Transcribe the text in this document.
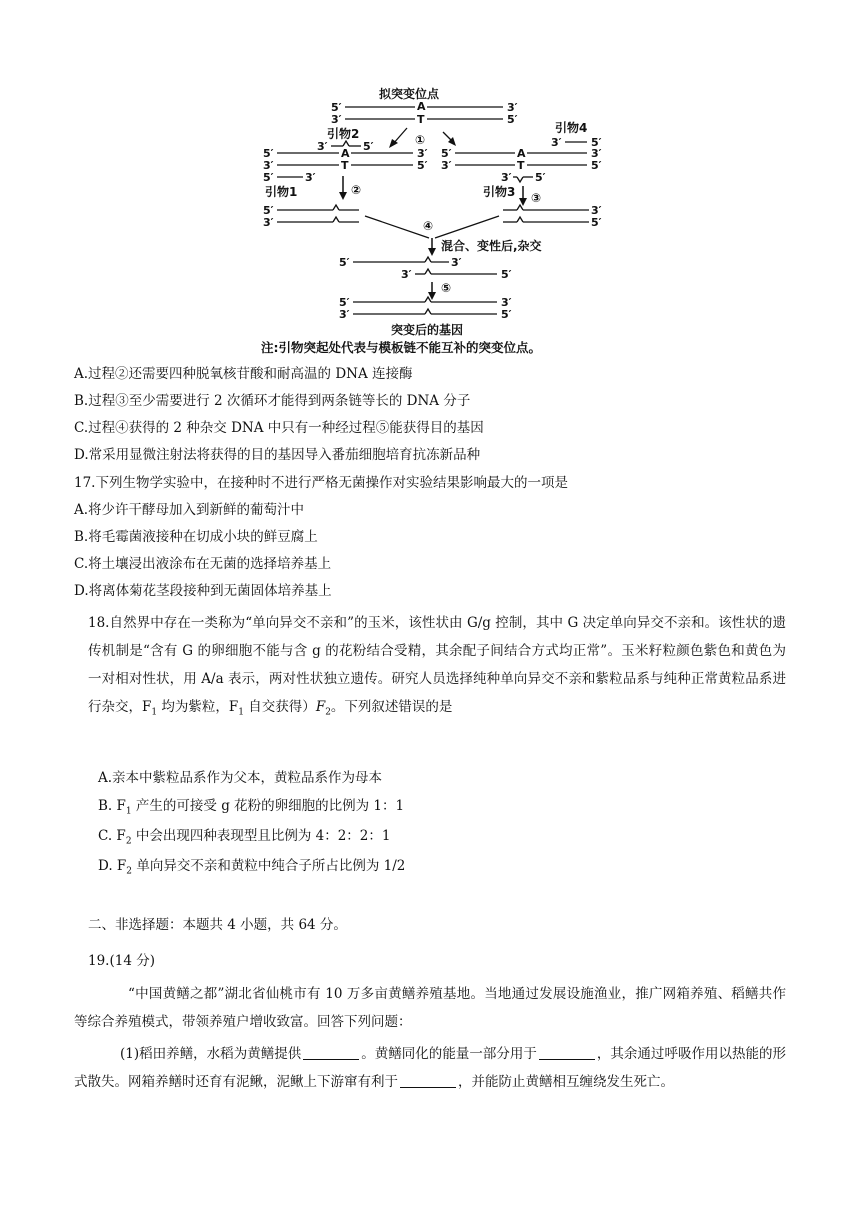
拟突变位点
5′	A	3′
3′	T	5′
①
引物2	引物4
3′	5′
5′	A	3′
3′	T	5′
5′	3′
引物1
3′	5′
5′	A	3′
3′	T	5′
3′ 5′
引物3
②
③
5′
3′
3′
5′
④
混合、变性后,杂交
5′	3′
3′	5′
⑤
5′	3′
3′	5′
突变后的基因
注:引物突起处代表与模板链不能互补的突变位点。
A.过程②还需要四种脱氧核苷酸和耐高温的 DNA 连接酶
B.过程③至少需要进行 2 次循环才能得到两条链等长的 DNA 分子
C.过程④获得的 2 种杂交 DNA 中只有一种经过程⑤能获得目的基因
D.常采用显微注射法将获得的目的基因导入番茄细胞培育抗冻新品种
17.下列生物学实验中，在接种时不进行严格无菌操作对实验结果影响最大的一项是
A.将少许干酵母加入到新鲜的葡萄汁中
B.将毛霉菌液接种在切成小块的鲜豆腐上
C.将土壤浸出液涂布在无菌的选择培养基上
D.将离体菊花茎段接种到无菌固体培养基上
18.自然界中存在一类称为“单向异交不亲和”的玉米，该性状由 G/g 控制，其中 G 决定单向异交不亲和。该性状的遗传机制是“含有 G 的卵细胞不能与含 g 的花粉结合受精，其余配子间结合方式均正常”。玉米籽粒颜色紫色和黄色为一对相对性状，用 A/a 表示，两对性状独立遗传。研究人员选择纯种单向异交不亲和紫粒品系与纯种正常黄粒品系进行杂交，$F_1$ 均为紫粒，$F_1$ 自交获得）$F_2$。下列叙述错误的是
A.亲本中紫粒品系作为父本，黄粒品系作为母本
B. $F_1$ 产生的可接受 g 花粉的卵细胞的比例为 1：1
C. $F_2$ 中会出现四种表现型且比例为 4：2：2：1
D. $F_2$ 单向异交不亲和黄粒中纯合子所占比例为 1/2
二、非选择题：本题共 4 小题，共 64 分。
19.(14 分)
“中国黄鳝之都”湖北省仙桃市有 10 万多亩黄鳝养殖基地。当地通过发展设施渔业，推广网箱养殖、稻鳝共作等综合养殖模式，带领养殖户增收致富。回答下列问题：
(1)稻田养鳝，水稻为黄鳝提供	。黄鳝同化的能量一部分用于	，其余通过呼吸作用以热能的形式散失。网箱养鳝时还育有泥鳅，泥鳅上下游窜有利于	，并能防止黄鳝相互缠绕发生死亡。
